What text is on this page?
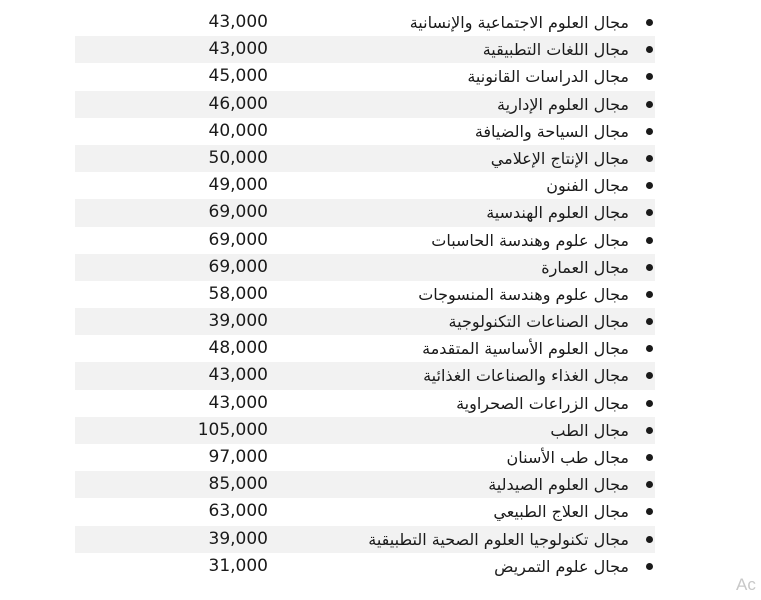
43,000	مجال العلوم الاجتماعية والإنسانية
43,000	مجال اللغات التطبيقية
45,000	مجال الدراسات القانونية
46,000	مجال العلوم الإدارية
40,000	مجال السياحة والضيافة
50,000	مجال الإنتاج الإعلامي
49,000	مجال الفنون
69,000	مجال العلوم الهندسية
69,000	مجال علوم وهندسة الحاسبات
69,000	مجال العمارة
58,000	مجال علوم وهندسة المنسوجات
39,000	مجال الصناعات التكنولوجية
48,000	مجال العلوم الأساسية المتقدمة
43,000	مجال الغذاء والصناعات الغذائية
43,000	مجال الزراعات الصحراوية
105,000	مجال الطب
97,000	مجال طب الأسنان
85,000	مجال العلوم الصيدلية
63,000	مجال العلاج الطبيعي
39,000	مجال تكنولوجيا العلوم الصحية التطبيقية
31,000	مجال علوم التمريض
Ac
